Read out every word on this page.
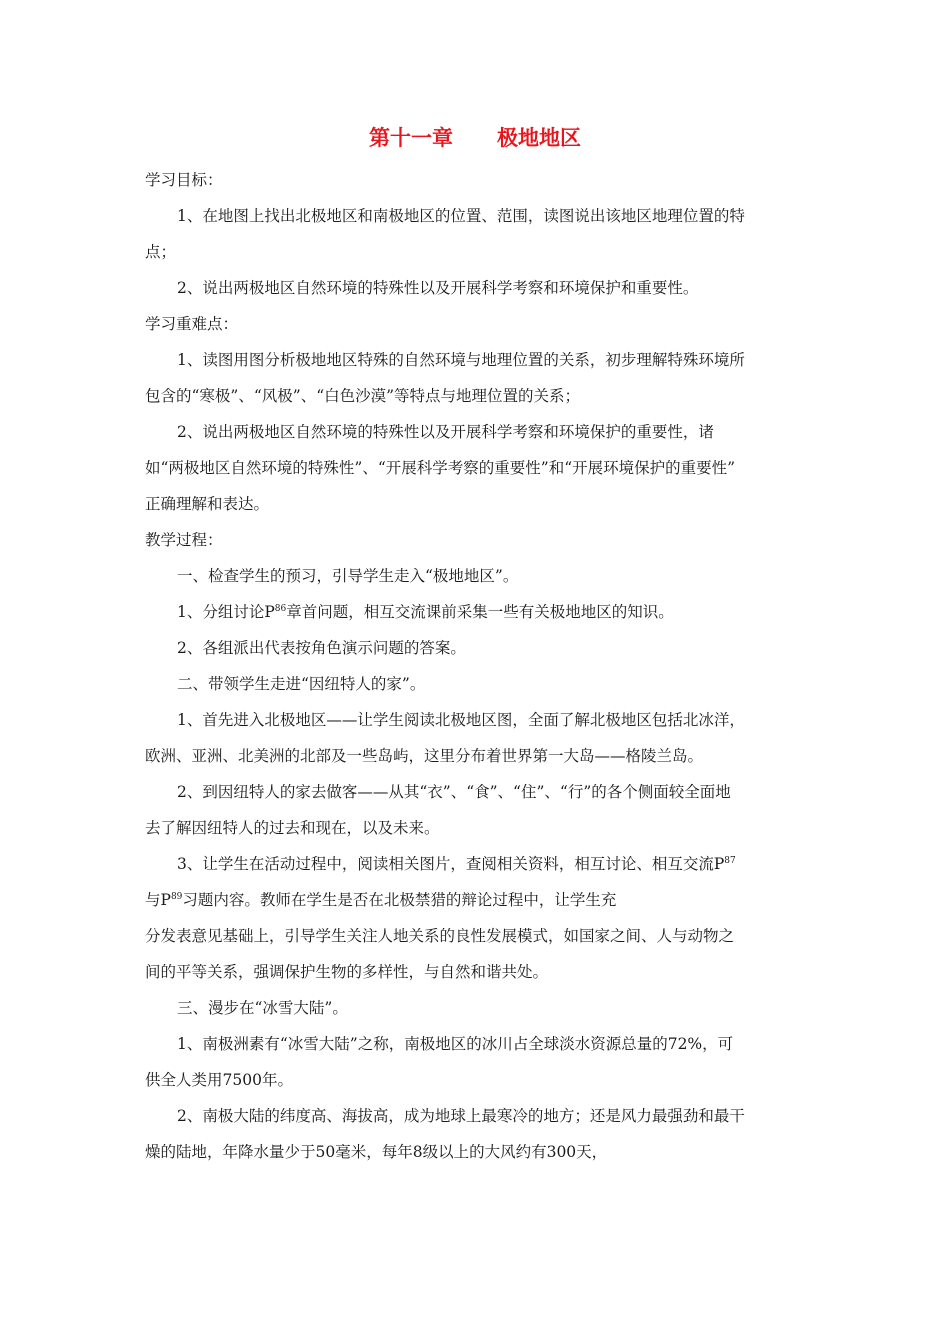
第十一章 极地地区

学习目标：

1、在地图上找出北极地区和南极地区的位置、范围，读图说出该地区地理位置的特点；

2、说出两极地区自然环境的特殊性以及开展科学考察和环境保护和重要性。

学习重难点：

1、读图用图分析极地地区特殊的自然环境与地理位置的关系，初步理解特殊环境所包含的“寒极”、“风极”、“白色沙漠”等特点与地理位置的关系；

2、说出两极地区自然环境的特殊性以及开展科学考察和环境保护的重要性，诸如“两极地区自然环境的特殊性”、“开展科学考察的重要性”和“开展环境保护的重要性” 正确理解和表达。

教学过程：

一、检查学生的预习，引导学生走入“极地地区”。

1、分组讨论$P^{86}$章首问题，相互交流课前采集一些有关极地地区的知识。

2、各组派出代表按角色演示问题的答案。

二、带领学生走进“因纽特人的家”。

1、首先进入北极地区——让学生阅读北极地区图，全面了解北极地区包括北冰洋，欧洲、亚洲、北美洲的北部及一些岛屿，这里分布着世界第一大岛——格陵兰岛。

2、到因纽特人的家去做客——从其“衣”、“食”、“住”、“行”的各个侧面较全面地去了解因纽特人的过去和现在，以及未来。

3、让学生在活动过程中，阅读相关图片，查阅相关资料，相互讨论、相互交流$P^{87}$与$P^{89}$习题内容。教师在学生是否在北极禁猎的辩论过程中，让学生充

分发表意见基础上，引导学生关注人地关系的良性发展模式，如国家之间、人与动物之间的平等关系，强调保护生物的多样性，与自然和谐共处。

三、漫步在“冰雪大陆”。

1、南极洲素有“冰雪大陆”之称，南极地区的冰川占全球淡水资源总量的72%，可供全人类用7500年。

2、南极大陆的纬度高、海拔高，成为地球上最寒冷的地方；还是风力最强劲和最干燥的陆地，年降水量少于50毫米，每年8级以上的大风约有300天，
